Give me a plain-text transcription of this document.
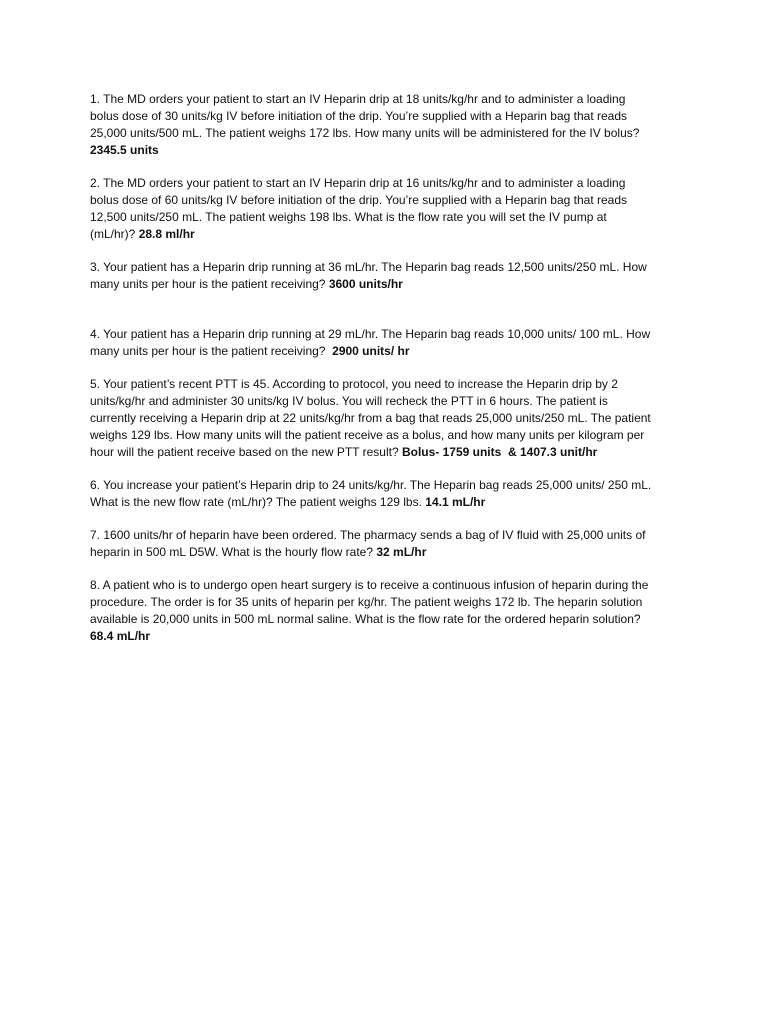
1. The MD orders your patient to start an IV Heparin drip at 18 units/kg/hr and to administer a loading
bolus dose of 30 units/kg IV before initiation of the drip. You’re supplied with a Heparin bag that reads
25,000 units/500 mL. The patient weighs 172 lbs. How many units will be administered for the IV bolus?
2345.5 units

2. The MD orders your patient to start an IV Heparin drip at 16 units/kg/hr and to administer a loading
bolus dose of 60 units/kg IV before initiation of the drip. You’re supplied with a Heparin bag that reads
12,500 units/250 mL. The patient weighs 198 lbs. What is the flow rate you will set the IV pump at
(mL/hr)? 28.8 ml/hr

3. Your patient has a Heparin drip running at 36 mL/hr. The Heparin bag reads 12,500 units/250 mL. How
many units per hour is the patient receiving? 3600 units/hr

4. Your patient has a Heparin drip running at 29 mL/hr. The Heparin bag reads 10,000 units/ 100 mL. How
many units per hour is the patient receiving?  2900 units/ hr

5. Your patient’s recent PTT is 45. According to protocol, you need to increase the Heparin drip by 2
units/kg/hr and administer 30 units/kg IV bolus. You will recheck the PTT in 6 hours. The patient is
currently receiving a Heparin drip at 22 units/kg/hr from a bag that reads 25,000 units/250 mL. The patient
weighs 129 lbs. How many units will the patient receive as a bolus, and how many units per kilogram per
hour will the patient receive based on the new PTT result? Bolus- 1759 units  & 1407.3 unit/hr

6. You increase your patient’s Heparin drip to 24 units/kg/hr. The Heparin bag reads 25,000 units/ 250 mL.
What is the new flow rate (mL/hr)? The patient weighs 129 lbs. 14.1 mL/hr

7. 1600 units/hr of heparin have been ordered. The pharmacy sends a bag of IV fluid with 25,000 units of
heparin in 500 mL D5W. What is the hourly flow rate? 32 mL/hr

8. A patient who is to undergo open heart surgery is to receive a continuous infusion of heparin during the
procedure. The order is for 35 units of heparin per kg/hr. The patient weighs 172 lb. The heparin solution
available is 20,000 units in 500 mL normal saline. What is the flow rate for the ordered heparin solution?
68.4 mL/hr
